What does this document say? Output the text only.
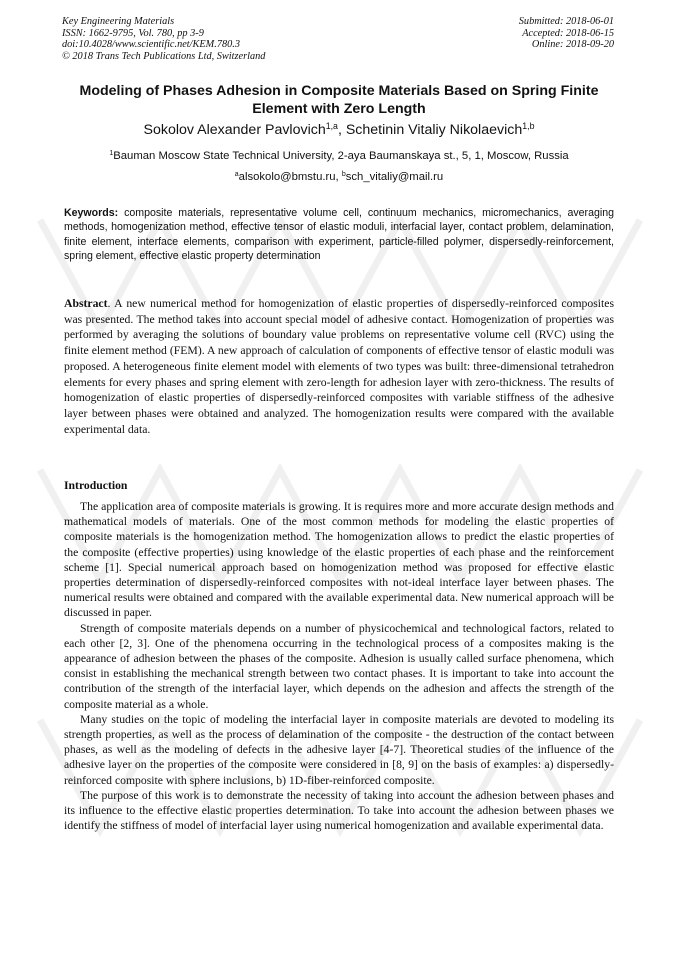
Key Engineering Materials
ISSN: 1662-9795, Vol. 780, pp 3-9
doi:10.4028/www.scientific.net/KEM.780.3
© 2018 Trans Tech Publications Ltd, Switzerland
Submitted: 2018-06-01
Accepted: 2018-06-15
Online: 2018-09-20
Modeling of Phases Adhesion in Composite Materials Based on Spring Finite Element with Zero Length
Sokolov Alexander Pavlovich$^{1,a}$, Schetinin Vitaliy Nikolaevich$^{1,b}$
$^1$Bauman Moscow State Technical University, 2-aya Baumanskaya st., 5, 1, Moscow, Russia
$^a$alsokolo@bmstu.ru, $^b$sch_vitaliy@mail.ru
Keywords: composite materials, representative volume cell, continuum mechanics, micromechanics, averaging methods, homogenization method, effective tensor of elastic moduli, interfacial layer, contact problem, delamination, finite element, interface elements, comparison with experiment, particle-filled polymer, dispersedly-reinforcement, spring element, effective elastic property determination
Abstract. A new numerical method for homogenization of elastic properties of dispersedly-reinforced composites was presented. The method takes into account special model of adhesive contact. Homogenization of properties was performed by averaging the solutions of boundary value problems on representative volume cell (RVC) using the finite element method (FEM). A new approach of calculation of components of effective tensor of elastic moduli was proposed. A heterogeneous finite element model with elements of two types was built: three-dimensional tetrahedron elements for every phases and spring element with zero-length for adhesion layer with zero-thickness. The results of homogenization of elastic properties of dispersedly-reinforced composites with variable stiffness of the adhesive layer between phases were obtained and analyzed. The homogenization results were compared with the available experimental data.
Introduction

The application area of composite materials is growing. It is requires more and more accurate design methods and mathematical models of materials. One of the most common methods for modeling the elastic properties of composite materials is the homogenization method. The homogenization allows to predict the elastic properties of the composite (effective properties) using knowledge of the elastic properties of each phase and the reinforcement scheme [1]. Special numerical approach based on homogenization method was proposed for effective elastic properties determination of dispersedly-reinforced composites with not-ideal interface layer between phases. The numerical results were obtained and compared with the available experimental data. New numerical approach will be discussed in paper.

Strength of composite materials depends on a number of physicochemical and technological factors, related to each other [2, 3]. One of the phenomena occurring in the technological process of a composites making is the appearance of adhesion between the phases of the composite. Adhesion is usually called surface phenomena, which consist in establishing the mechanical strength between two contact phases. It is important to take into account the contribution of the strength of the interfacial layer, which depends on the adhesion and affects the strength of the composite material as a whole.

Many studies on the topic of modeling the interfacial layer in composite materials are devoted to modeling its strength properties, as well as the process of delamination of the composite - the destruction of the contact between phases, as well as the modeling of defects in the adhesive layer [4-7]. Theoretical studies of the influence of the adhesive layer on the properties of the composite were considered in [8, 9] on the basis of examples: a) dispersedly-reinforced composite with sphere inclusions, b) 1D-fiber-reinforced composite.

The purpose of this work is to demonstrate the necessity of taking into account the adhesion between phases and its influence to the effective elastic properties determination. To take into account the adhesion between phases we identify the stiffness of model of interfacial layer using numerical homogenization and available experimental data.
